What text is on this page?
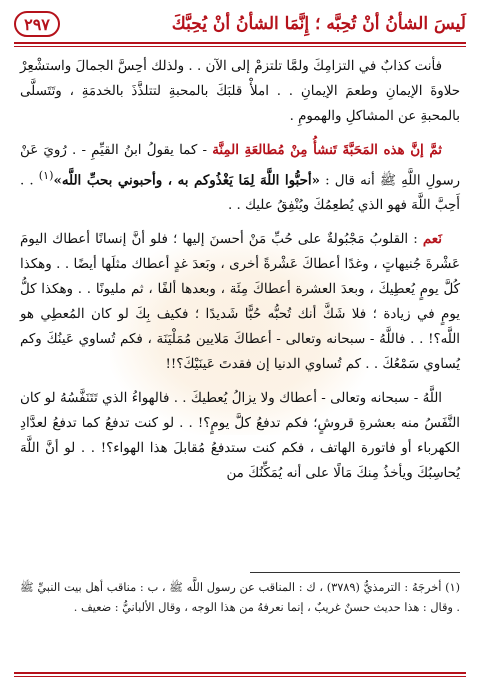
٢٩٧	لَيسَ الشأنُ أنْ تُحِبَّه ؛ إِنَّمَا الشأنُ أنْ يُحِبَّكَ

فأنت كذابٌ في التزامِكَ ولمَّا تلتزمْ إلى الآن . . ولذلك أحِسَّ الجمالَ واستشْعِرْ حلاوةَ الإيمانِ وطعمَ الإيمانِ . . املأْ قلبَكَ بالمحبةِ لتتلذَّذَ بالخدمَةِ ، وتَتَسلَّى بالمحبةِ عن المشاكلِ والهمومِ .

ثمَّ إنَّ هذه المَحَبَّةَ تَنشأُ مِنْ مُطالعَةِ المِنَّة - كما يقولُ ابنُ القيِّمِ - . رُويَ عَنْ رسولِ اللَّهِ ﷺ أنه قال : «أحبُّوا اللَّهَ لِمَا يَغْذُوكم به ، وأحبوني بحبِّ اللَّه»$^{(١)}$ . . أَحِبَّ اللَّهَ فهو الذي يُطعِمُكَ ويُنْفِقُ عليك . .

نَعم : القلوبُ مَجْبُولةٌ على حُبِّ مَنْ أحسنَ إليها ؛ فلو أنَّ إنسانًا أعطاك اليومَ عَشْرةَ جُنيهاتٍ ، وغدًا أعطاكَ عَشْرةً أخرى ، وبَعدَ غدٍ أعطاك مثلَها أيضًا . . وهكذا كُلَّ يومٍ يُعطِيكَ ، وبعدَ العشرة أعطاكَ مِئَة ، وبعدها ألفًا ، ثم مليونًا . . وهكذا كلُّ يومٍ في زيادة ؛ فلا شَكَّ أنك تُحبُّه حُبًّا شَديدًا ؛ فكيف بِكَ لو كان المُعطِي هو اللَّه؟! . . فاللَّهُ - سبحانه وتعالى - أعطاكَ مَلايين مُمَلْيَنَة ، فكم تُساوي عَينُكَ وكم يُساوي سَمْعُكَ . . كم تُساوي الدنيا إن فقدتَ عَينَيْكَ؟!!

اللَّهُ - سبحانه وتعالى - أعطاك ولا يزالُ يُعطيكَ . . فالهواءُ الذي تَتَنَفَّسُهُ لو كان النَّفَسُ منه بعشرةِ قروشٍ؛ فكم تدفعُ كلَّ يومٍ؟! . . لو كنت تدفعُ كما تدفعُ لعدَّادِ الكهرباء أو فاتورة الهاتف ، فكم كنت ستدفعُ مُقابلَ هذا الهواء؟! . . لو أنَّ اللَّهَ يُحاسِبُكَ ويأخذُ مِنكَ مَالًا على أنه يُمَكِّنُكَ من

(١) أخرجَهُ : الترمذيُّ (٣٧٨٩) ، ك : المناقب عن رسول اللَّه ﷺ ، ب : مناقب أهل بيت النبيِّ ﷺ . وقال : هذا حديث حسنٌ غريبٌ ، إنما نعرفهُ من هذا الوجه ، وقال الألبانيُّ : ضعيف .
